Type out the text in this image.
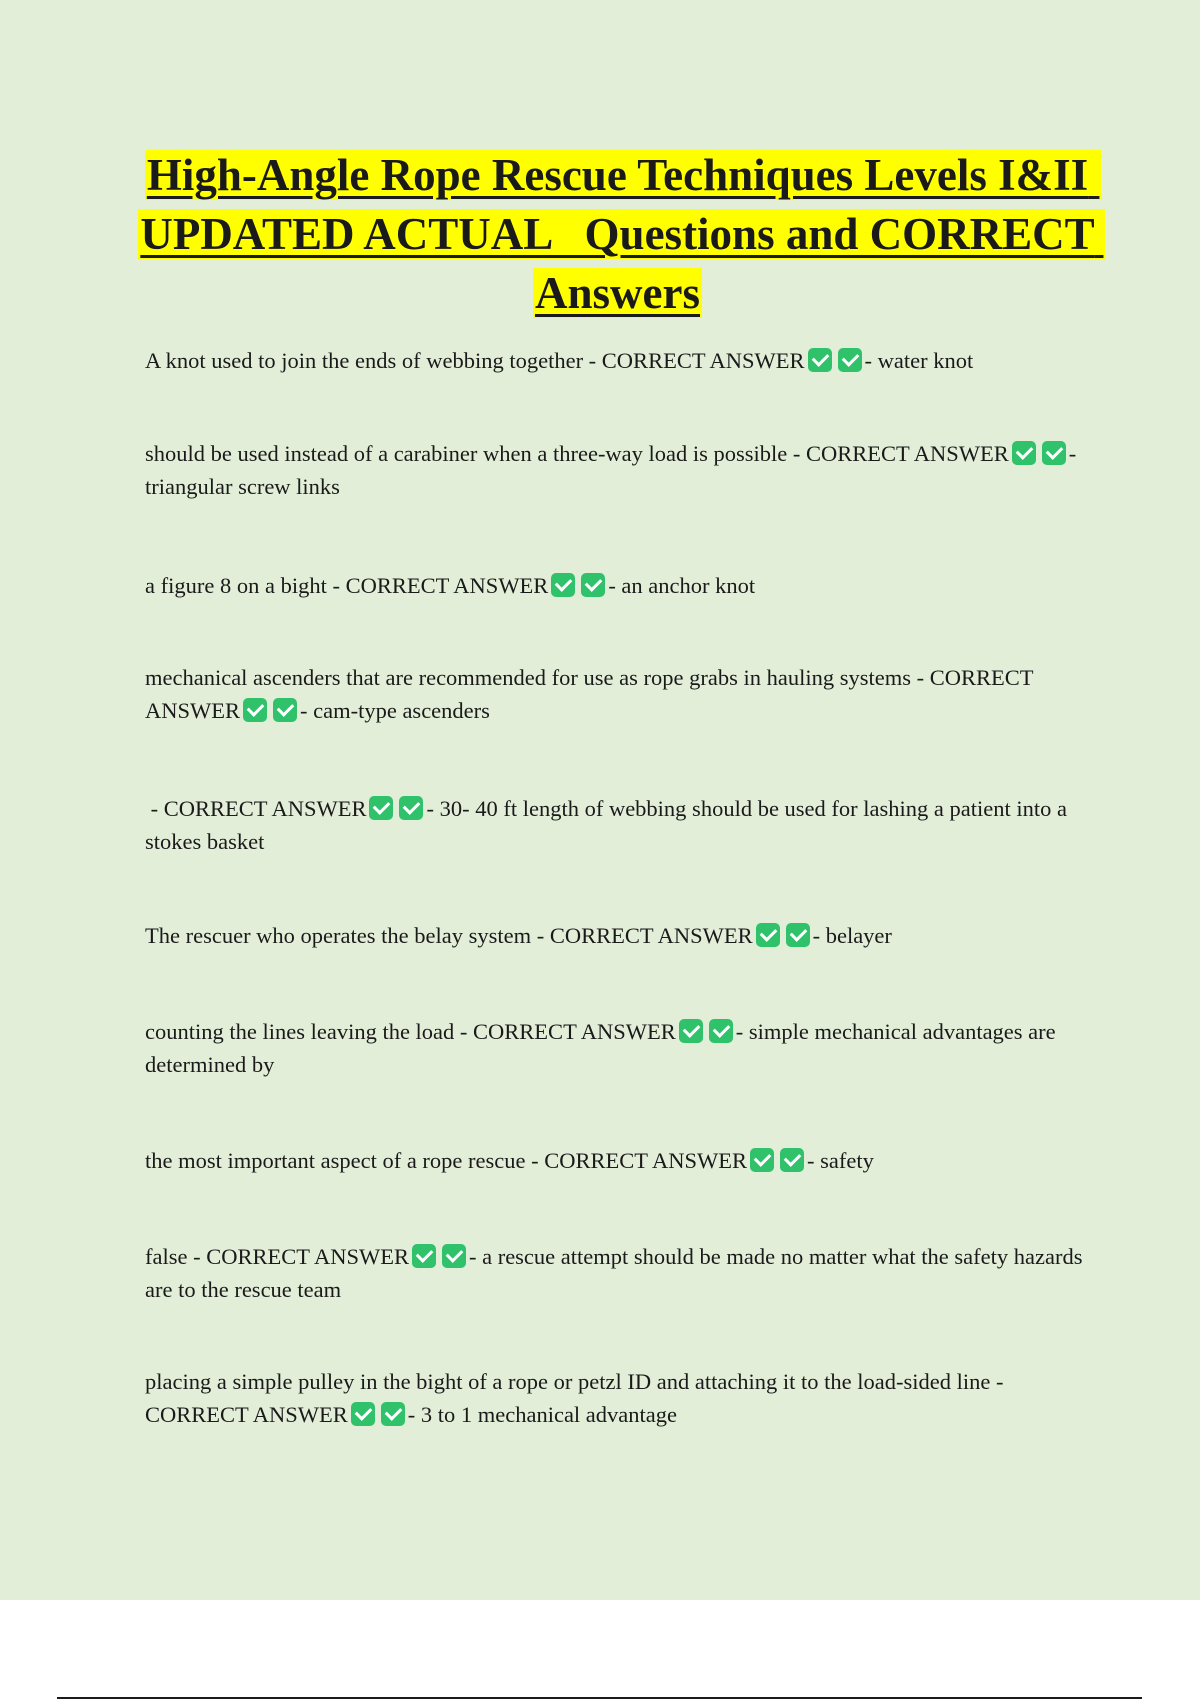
High-Angle Rope Rescue Techniques Levels I&II UPDATED ACTUAL   Questions and CORRECT Answers

A knot used to join the ends of webbing together - CORRECT ANSWER	- water knot

should be used instead of a carabiner when a three-way load is possible - CORRECT ANSWER	- triangular screw links

a figure 8 on a bight - CORRECT ANSWER	- an anchor knot

mechanical ascenders that are recommended for use as rope grabs in hauling systems - CORRECT ANSWER	- cam-type ascenders

- CORRECT ANSWER	- 30- 40 ft length of webbing should be used for lashing a patient into a stokes basket

The rescuer who operates the belay system - CORRECT ANSWER	- belayer

counting the lines leaving the load - CORRECT ANSWER	- simple mechanical advantages are determined by

the most important aspect of a rope rescue - CORRECT ANSWER	- safety

false - CORRECT ANSWER	- a rescue attempt should be made no matter what the safety hazards are to the rescue team

placing a simple pulley in the bight of a rope or petzl ID and attaching it to the load-sided line - CORRECT ANSWER	- 3 to 1 mechanical advantage
